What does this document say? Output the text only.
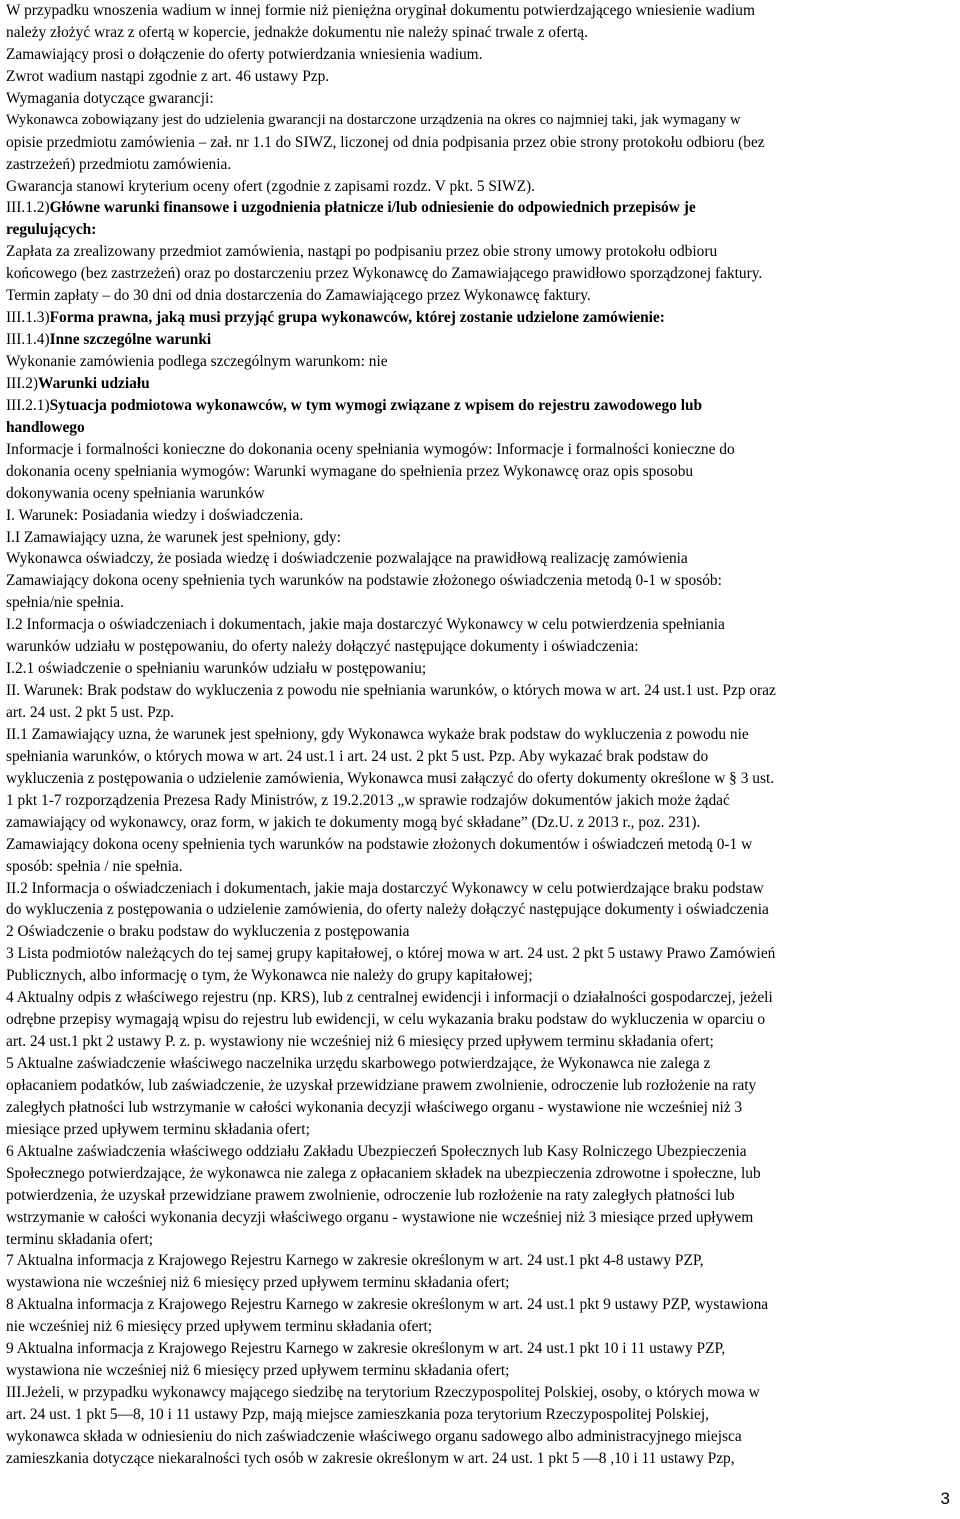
W przypadku wnoszenia wadium w innej formie niż pieniężna oryginał dokumentu potwierdzającego wniesienie wadium
należy złożyć wraz z ofertą w kopercie, jednakże dokumentu nie należy spinać trwale z ofertą.
Zamawiający prosi o dołączenie do oferty potwierdzania wniesienia wadium.
Zwrot wadium nastąpi zgodnie z art. 46 ustawy Pzp.
Wymagania dotyczące gwarancji:
Wykonawca zobowiązany jest do udzielenia gwarancji na dostarczone urządzenia na okres co najmniej taki, jak wymagany w
opisie przedmiotu zamówienia – zał. nr 1.1 do SIWZ, liczonej od dnia podpisania przez obie strony protokołu odbioru (bez
zastrzeżeń) przedmiotu zamówienia.
Gwarancja stanowi kryterium oceny ofert (zgodnie z zapisami rozdz. V pkt. 5 SIWZ).
III.1.2)Główne warunki finansowe i uzgodnienia płatnicze i/lub odniesienie do odpowiednich przepisów je
regulujących:
Zapłata za zrealizowany przedmiot zamówienia, nastąpi po podpisaniu przez obie strony umowy protokołu odbioru
końcowego (bez zastrzeżeń) oraz po dostarczeniu przez Wykonawcę do Zamawiającego prawidłowo sporządzonej faktury.
Termin zapłaty – do 30 dni od dnia dostarczenia do Zamawiającego przez Wykonawcę faktury.
III.1.3)Forma prawna, jaką musi przyjąć grupa wykonawców, której zostanie udzielone zamówienie:
III.1.4)Inne szczególne warunki
Wykonanie zamówienia podlega szczególnym warunkom: nie
III.2)Warunki udziału
III.2.1)Sytuacja podmiotowa wykonawców, w tym wymogi związane z wpisem do rejestru zawodowego lub
handlowego
Informacje i formalności konieczne do dokonania oceny spełniania wymogów: Informacje i formalności konieczne do
dokonania oceny spełniania wymogów: Warunki wymagane do spełnienia przez Wykonawcę oraz opis sposobu
dokonywania oceny spełniania warunków
I. Warunek: Posiadania wiedzy i doświadczenia.
I.I Zamawiający uzna, że warunek jest spełniony, gdy:
Wykonawca oświadczy, że posiada wiedzę i doświadczenie pozwalające na prawidłową realizację zamówienia
Zamawiający dokona oceny spełnienia tych warunków na podstawie złożonego oświadczenia metodą 0-1 w sposób:
spełnia/nie spełnia.
I.2 Informacja o oświadczeniach i dokumentach, jakie maja dostarczyć Wykonawcy w celu potwierdzenia spełniania
warunków udziału w postępowaniu, do oferty należy dołączyć następujące dokumenty i oświadczenia:
I.2.1 oświadczenie o spełnianiu warunków udziału w postępowaniu;
II. Warunek: Brak podstaw do wykluczenia z powodu nie spełniania warunków, o których mowa w art. 24 ust.1 ust. Pzp oraz
art. 24 ust. 2 pkt 5 ust. Pzp.
II.1 Zamawiający uzna, że warunek jest spełniony, gdy Wykonawca wykaże brak podstaw do wykluczenia z powodu nie
spełniania warunków, o których mowa w art. 24 ust.1 i art. 24 ust. 2 pkt 5 ust. Pzp. Aby wykazać brak podstaw do
wykluczenia z postępowania o udzielenie zamówienia, Wykonawca musi załączyć do oferty dokumenty określone w § 3 ust.
1 pkt 1-7 rozporządzenia Prezesa Rady Ministrów, z 19.2.2013 „w sprawie rodzajów dokumentów jakich może żądać
zamawiający od wykonawcy, oraz form, w jakich te dokumenty mogą być składane” (Dz.U. z 2013 r., poz. 231).
Zamawiający dokona oceny spełnienia tych warunków na podstawie złożonych dokumentów i oświadczeń metodą 0-1 w
sposób: spełnia / nie spełnia.
II.2 Informacja o oświadczeniach i dokumentach, jakie maja dostarczyć Wykonawcy w celu potwierdzające braku podstaw
do wykluczenia z postępowania o udzielenie zamówienia, do oferty należy dołączyć następujące dokumenty i oświadczenia
2 Oświadczenie o braku podstaw do wykluczenia z postępowania
3 Lista podmiotów należących do tej samej grupy kapitałowej, o której mowa w art. 24 ust. 2 pkt 5 ustawy Prawo Zamówień
Publicznych, albo informację o tym, że Wykonawca nie należy do grupy kapitałowej;
4 Aktualny odpis z właściwego rejestru (np. KRS), lub z centralnej ewidencji i informacji o działalności gospodarczej, jeżeli
odrębne przepisy wymagają wpisu do rejestru lub ewidencji, w celu wykazania braku podstaw do wykluczenia w oparciu o
art. 24 ust.1 pkt 2 ustawy P. z. p. wystawiony nie wcześniej niż 6 miesięcy przed upływem terminu składania ofert;
5 Aktualne zaświadczenie właściwego naczelnika urzędu skarbowego potwierdzające, że Wykonawca nie zalega z
opłacaniem podatków, lub zaświadczenie, że uzyskał przewidziane prawem zwolnienie, odroczenie lub rozłożenie na raty
zaległych płatności lub wstrzymanie w całości wykonania decyzji właściwego organu - wystawione nie wcześniej niż 3
miesiące przed upływem terminu składania ofert;
6 Aktualne zaświadczenia właściwego oddziału Zakładu Ubezpieczeń Społecznych lub Kasy Rolniczego Ubezpieczenia
Społecznego potwierdzające, że wykonawca nie zalega z opłacaniem składek na ubezpieczenia zdrowotne i społeczne, lub
potwierdzenia, że uzyskał przewidziane prawem zwolnienie, odroczenie lub rozłożenie na raty zaległych płatności lub
wstrzymanie w całości wykonania decyzji właściwego organu - wystawione nie wcześniej niż 3 miesiące przed upływem
terminu składania ofert;
7 Aktualna informacja z Krajowego Rejestru Karnego w zakresie określonym w art. 24 ust.1 pkt 4-8 ustawy PZP,
wystawiona nie wcześniej niż 6 miesięcy przed upływem terminu składania ofert;
8 Aktualna informacja z Krajowego Rejestru Karnego w zakresie określonym w art. 24 ust.1 pkt 9 ustawy PZP, wystawiona
nie wcześniej niż 6 miesięcy przed upływem terminu składania ofert;
9 Aktualna informacja z Krajowego Rejestru Karnego w zakresie określonym w art. 24 ust.1 pkt 10 i 11 ustawy PZP,
wystawiona nie wcześniej niż 6 miesięcy przed upływem terminu składania ofert;
III.Jeżeli, w przypadku wykonawcy mającego siedzibę na terytorium Rzeczypospolitej Polskiej, osoby, o których mowa w
art. 24 ust. 1 pkt 5—8, 10 i 11 ustawy Pzp, mają miejsce zamieszkania poza terytorium Rzeczypospolitej Polskiej,
wykonawca składa w odniesieniu do nich zaświadczenie właściwego organu sadowego albo administracyjnego miejsca
zamieszkania dotyczące niekaralności tych osób w zakresie określonym w art. 24 ust. 1 pkt 5 —8 ,10 i 11 ustawy Pzp,
3
